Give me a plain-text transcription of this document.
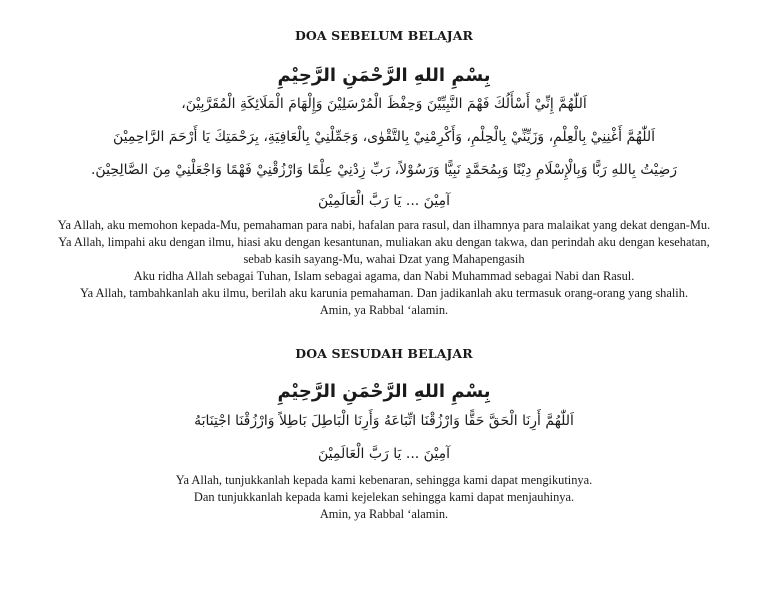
DOA SEBELUM BELAJAR
بِسْمِ اللهِ الرَّحْمَنِ الرَّحِيْمِ
اَللّٰهُمَّ إِنِّيْ أَسْأَلُكَ فَهْمَ النَّبِيِّيْنَ وَحِفْظَ الْمُرْسَلِيْنَ وَإِلْهَامَ الْمَلَائِكَةِ الْمُقَرَّبِيْنَ،
اَللّٰهُمَّ أَغْنِنِيْ بِالْعِلْمِ، وَزَيِّنِّيْ بِالْحِلْمِ، وَأَكْرِمْنِيْ بِالتَّقْوٰى، وَجَمِّلْنِيْ بِالْعَافِيَةِ، بِرَحْمَتِكَ يَا أَرْحَمَ الرَّاحِمِيْنَ
رَضِيْتُ بِاللهِ رَبًّا وَبِالْإِسْلَامِ دِيْنًا وَبِمُحَمَّدٍ نَبِيًّا وَرَسُوْلاً، رَبِّ زِدْنِيْ عِلْمًا وَارْزُقْنِيْ فَهْمًا وَاجْعَلْنِيْ مِنَ الصَّالِحِيْنَ.
آمِيْنَ ... يَا رَبَّ الْعَالَمِيْنَ
Ya Allah, aku memohon kepada-Mu, pemahaman para nabi, hafalan para rasul, dan ilhamnya para malaikat yang dekat dengan-Mu.
Ya Allah, limpahi aku dengan ilmu, hiasi aku dengan kesantunan, muliakan aku dengan takwa, dan perindah aku dengan kesehatan,
sebab kasih sayang-Mu, wahai Dzat yang Mahapengasih
Aku ridha Allah sebagai Tuhan, Islam sebagai agama, dan Nabi Muhammad sebagai Nabi dan Rasul.
Ya Allah, tambahkanlah aku ilmu, berilah aku karunia pemahaman. Dan jadikanlah aku termasuk orang-orang yang shalih.
Amin, ya Rabbal ‘alamin.
DOA SESUDAH BELAJAR
بِسْمِ اللهِ الرَّحْمَنِ الرَّحِيْمِ
اَللّٰهُمَّ أَرِنَا الْحَقَّ حَقًّا وَارْزُقْنَا اتِّبَاعَهُ وَأَرِنَا الْبَاطِلَ بَاطِلاً وَارْزُقْنَا اجْتِنَابَهُ
آمِيْنَ ... يَا رَبَّ الْعَالَمِيْنَ
Ya Allah, tunjukkanlah kepada kami kebenaran, sehingga kami dapat mengikutinya.
Dan tunjukkanlah kepada kami kejelekan sehingga kami dapat menjauhinya.
Amin, ya Rabbal ‘alamin.
